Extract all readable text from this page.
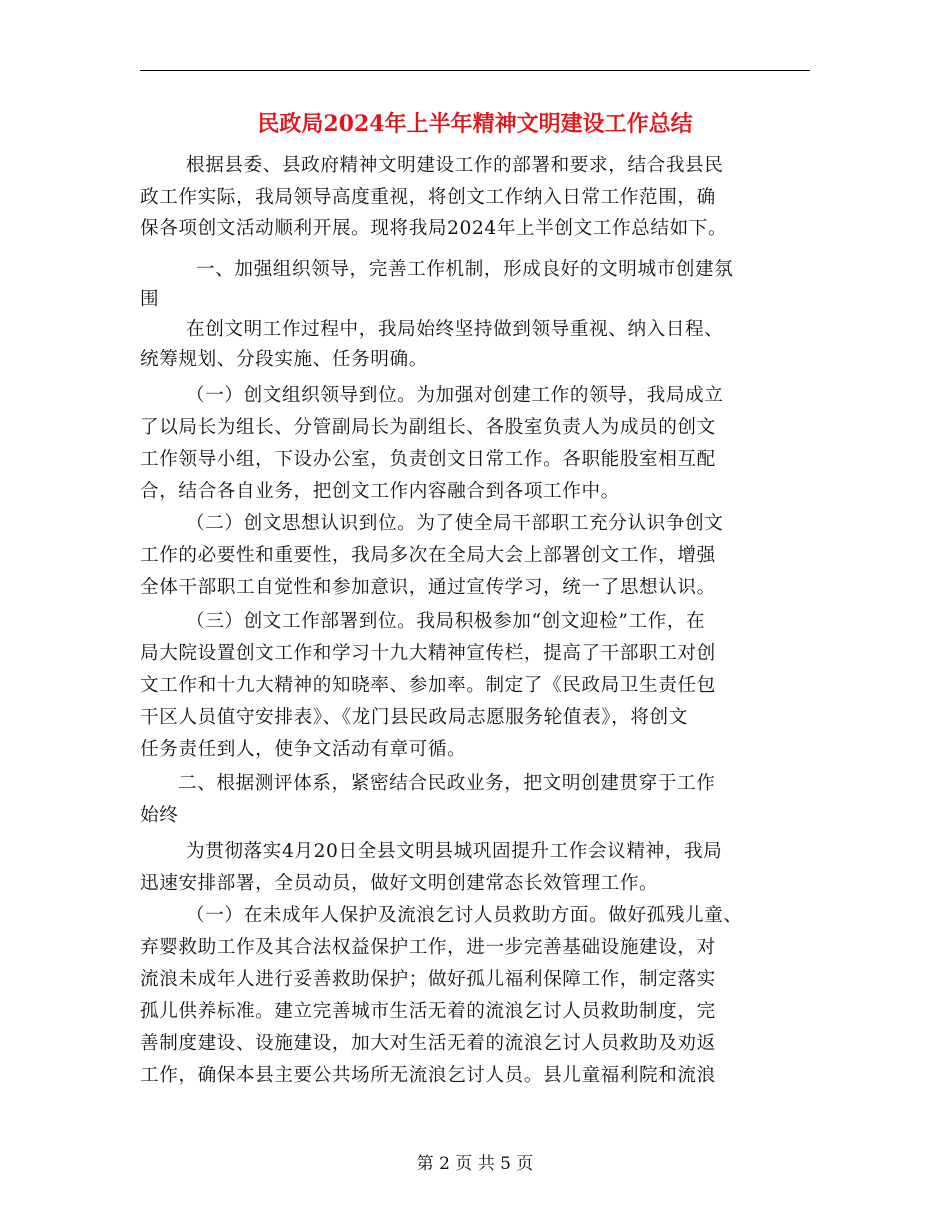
民政局2024年上半年精神文明建设工作总结
根据县委、县政府精神文明建设工作的部署和要求，结合我县民
政工作实际，我局领导高度重视，将创文工作纳入日常工作范围，确
保各项创文活动顺利开展。现将我局2024年上半创文工作总结如下。
一、加强组织领导，完善工作机制，形成良好的文明城市创建氛
围
在创文明工作过程中，我局始终坚持做到领导重视、纳入日程、
统筹规划、分段实施、任务明确。
（一）创文组织领导到位。为加强对创建工作的领导，我局成立
了以局长为组长、分管副局长为副组长、各股室负责人为成员的创文
工作领导小组，下设办公室，负责创文日常工作。各职能股室相互配
合，结合各自业务，把创文工作内容融合到各项工作中。
（二）创文思想认识到位。为了使全局干部职工充分认识争创文
工作的必要性和重要性，我局多次在全局大会上部署创文工作，增强
全体干部职工自觉性和参加意识，通过宣传学习，统一了思想认识。
（三）创文工作部署到位。我局积极参加“创文迎检”工作，在
局大院设置创文工作和学习十九大精神宣传栏，提高了干部职工对创
文工作和十九大精神的知晓率、参加率。制定了《民政局卫生责任包
干区人员值守安排表》、《龙门县民政局志愿服务轮值表》，将创文
任务责任到人，使争文活动有章可循。
二、根据测评体系，紧密结合民政业务，把文明创建贯穿于工作
始终
为贯彻落实4月20日全县文明县城巩固提升工作会议精神，我局
迅速安排部署，全员动员，做好文明创建常态长效管理工作。
（一）在未成年人保护及流浪乞讨人员救助方面。做好孤残儿童、
弃婴救助工作及其合法权益保护工作，进一步完善基础设施建设，对
流浪未成年人进行妥善救助保护；做好孤儿福利保障工作，制定落实
孤儿供养标准。建立完善城市生活无着的流浪乞讨人员救助制度，完
善制度建设、设施建设，加大对生活无着的流浪乞讨人员救助及劝返
工作，确保本县主要公共场所无流浪乞讨人员。县儿童福利院和流浪
第 2 页 共 5 页
